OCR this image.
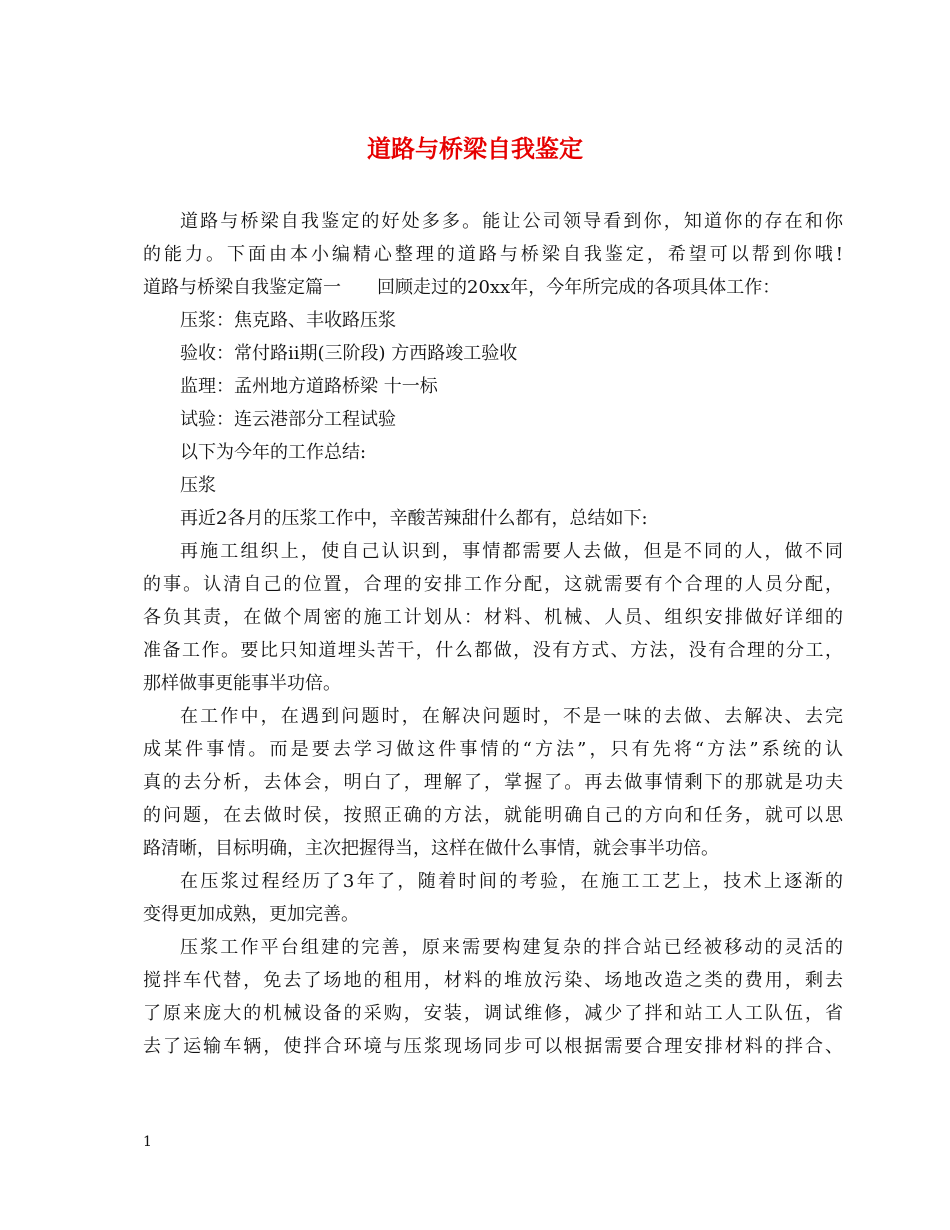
道路与桥梁自我鉴定
道路与桥梁自我鉴定的好处多多。能让公司领导看到你，知道你的存在和你
的能力。下面由本小编精心整理的道路与桥梁自我鉴定，希望可以帮到你哦!
道路与桥梁自我鉴定篇一 回顾走过的20xx年，今年所完成的各项具体工作：
压浆：焦克路、丰收路压浆
验收：常付路ii期(三阶段) 方西路竣工验收
监理：孟州地方道路桥梁 十一标
试验：连云港部分工程试验
以下为今年的工作总结:
压浆
再近2各月的压浆工作中，辛酸苦辣甜什么都有，总结如下:
再施工组织上，使自己认识到，事情都需要人去做，但是不同的人，做不同
的事。认清自己的位置，合理的安排工作分配，这就需要有个合理的人员分配，
各负其责，在做个周密的施工计划从：材料、机械、人员、组织安排做好详细的
准备工作。要比只知道埋头苦干，什么都做，没有方式、方法，没有合理的分工，
那样做事更能事半功倍。
在工作中，在遇到问题时，在解决问题时，不是一味的去做、去解决、去完
成某件事情。而是要去学习做这件事情的“方法”，只有先将“方法”系统的认
真的去分析，去体会，明白了，理解了，掌握了。再去做事情剩下的那就是功夫
的问题，在去做时侯，按照正确的方法，就能明确自己的方向和任务，就可以思
路清晰，目标明确，主次把握得当，这样在做什么事情，就会事半功倍。
在压浆过程经历了3年了，随着时间的考验，在施工工艺上，技术上逐渐的
变得更加成熟，更加完善。
压浆工作平台组建的完善，原来需要构建复杂的拌合站已经被移动的灵活的
搅拌车代替，免去了场地的租用，材料的堆放污染、场地改造之类的费用，剩去
了原来庞大的机械设备的采购，安装，调试维修，减少了拌和站工人工队伍，省
去了运输车辆，使拌合环境与压浆现场同步可以根据需要合理安排材料的拌合、
1
